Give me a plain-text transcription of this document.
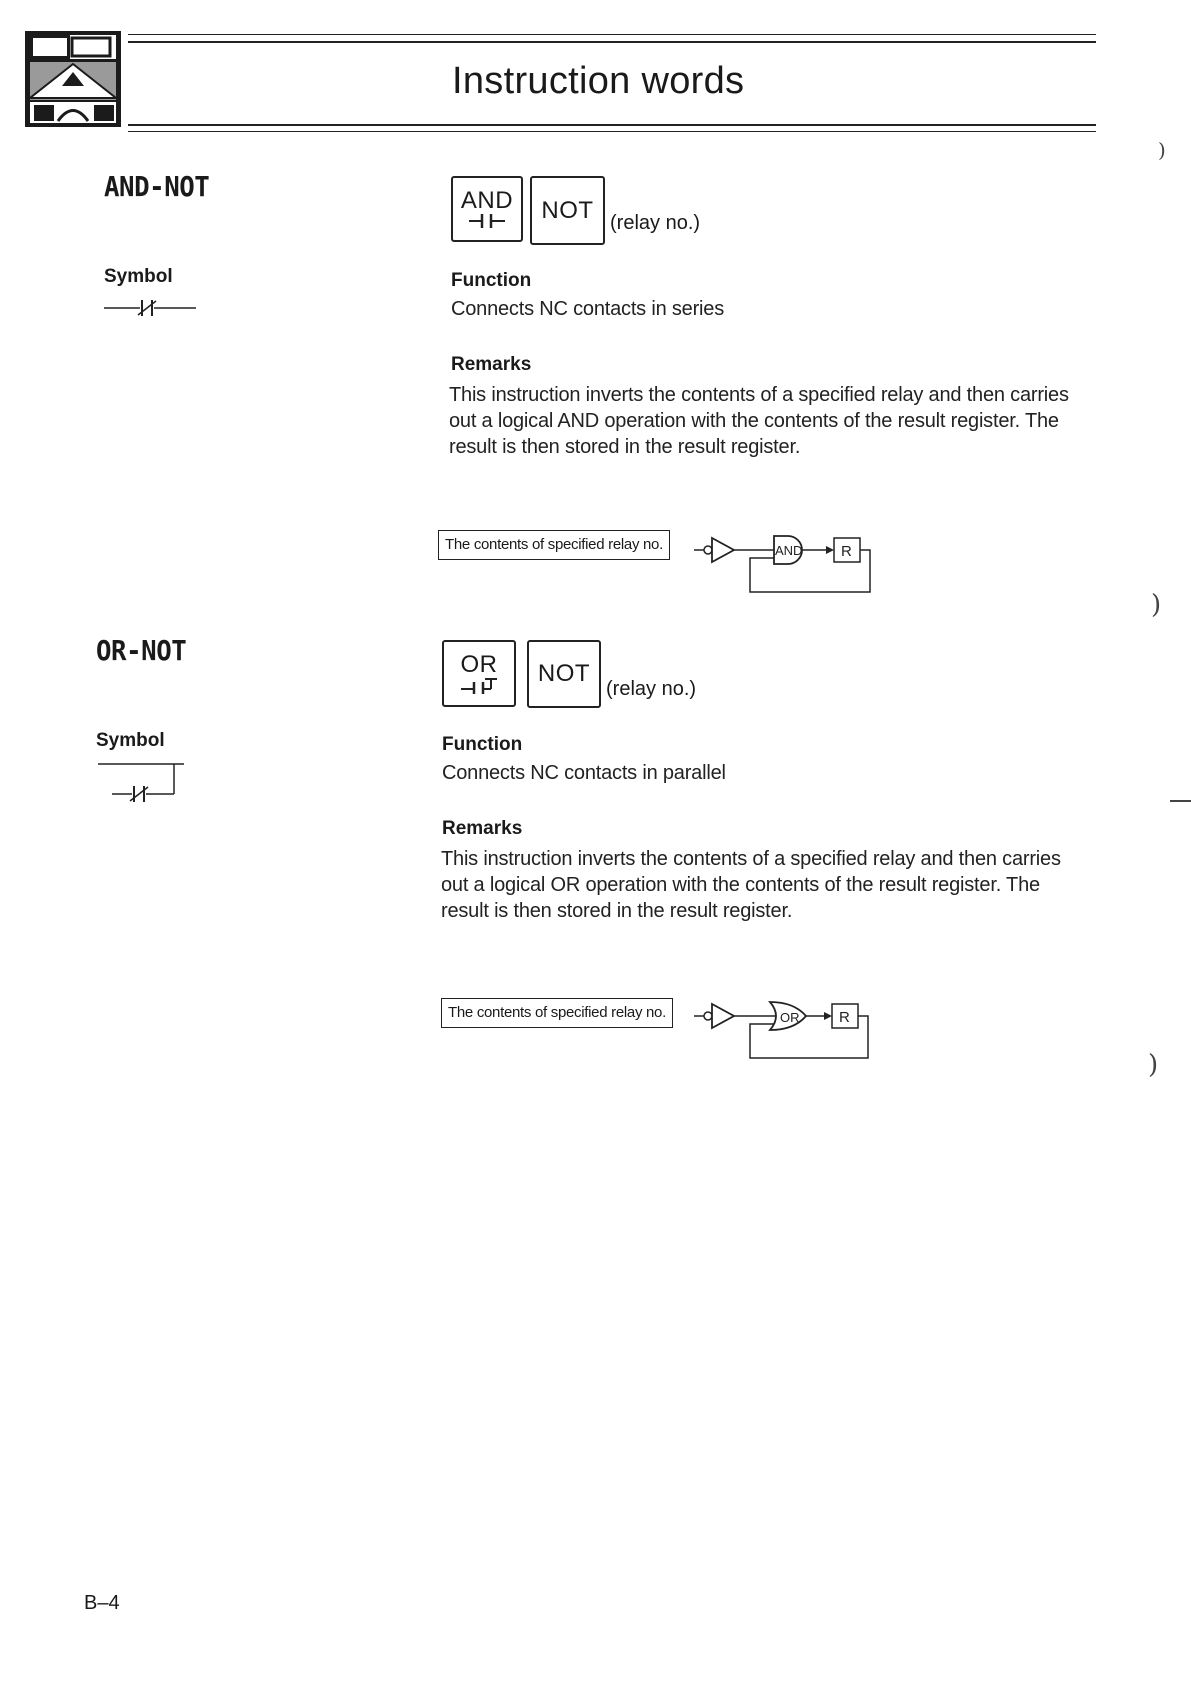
Instruction words
AND-NOT	AND NOT (relay no.)
Symbol	Function
Connects NC contacts in series
Remarks
This instruction inverts the contents of a specified relay and then carries
out a logical AND operation with the contents of the result register. The
result is then stored in the result register.
The contents of specified relay no.	AND	R
OR-NOT	OR NOT
(relay no.)
Symbol	Function
Connects NC contacts in parallel
Remarks
This instruction inverts the contents of a specified relay and then carries
out a logical OR operation with the contents of the result register. The
result is then stored in the result register.
The contents of specified relay no.	OR	R
)
)
)
B–4
